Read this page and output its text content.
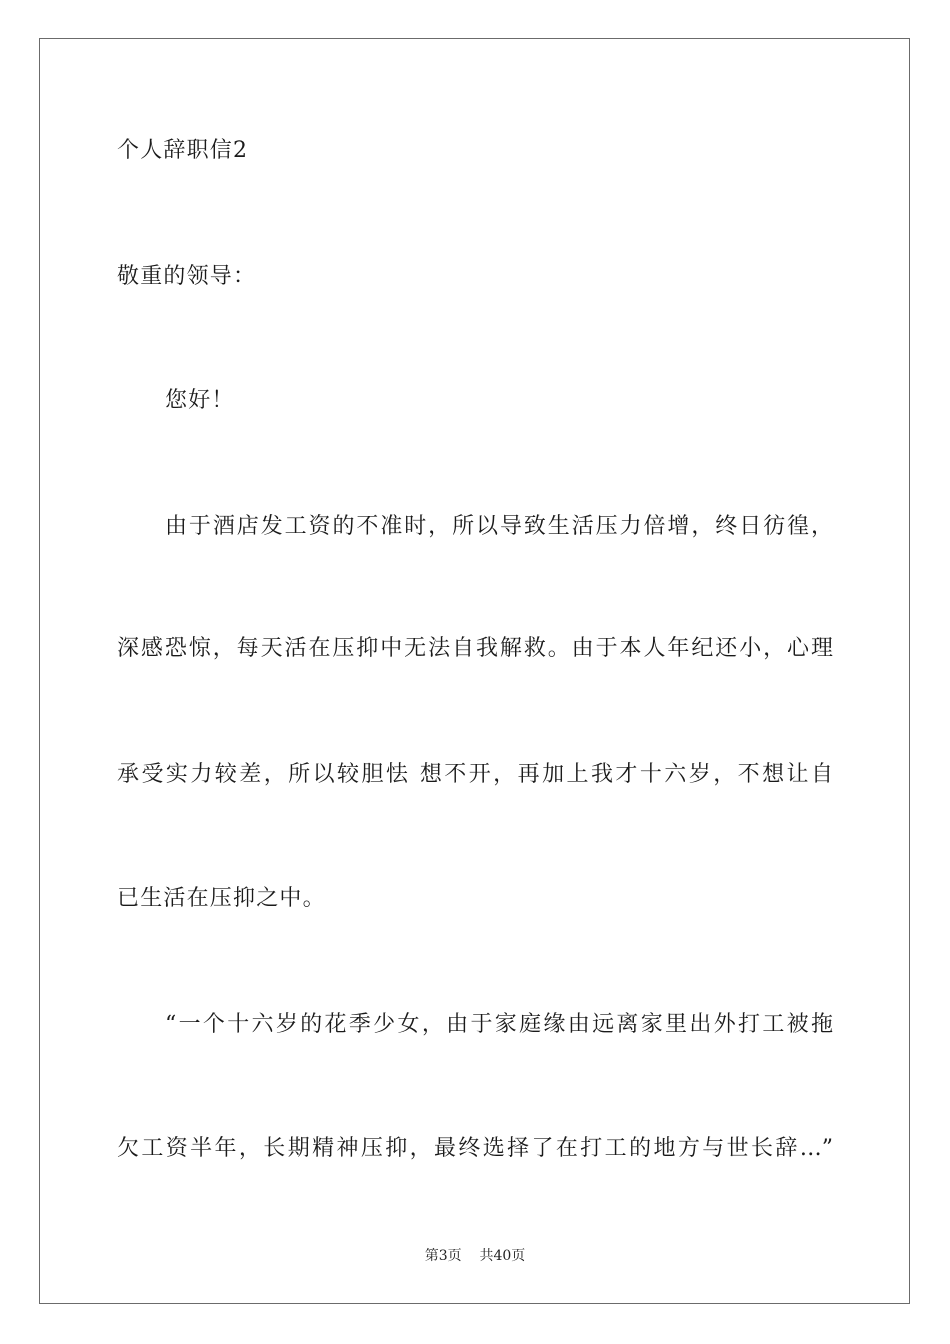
个人辞职信2
敬重的领导：
您好！
由于酒店发工资的不准时，所以导致生活压力倍增，终日彷徨，
深感恐惊，每天活在压抑中无法自我解救。由于本人年纪还小，心理
承受实力较差，所以较胆怯 想不开，再加上我才十六岁，不想让自
已生活在压抑之中。
“一个十六岁的花季少女，由于家庭缘由远离家里出外打工被拖
欠工资半年，长期精神压抑，最终选择了在打工的地方与世长辞…”
第3页 共40页
